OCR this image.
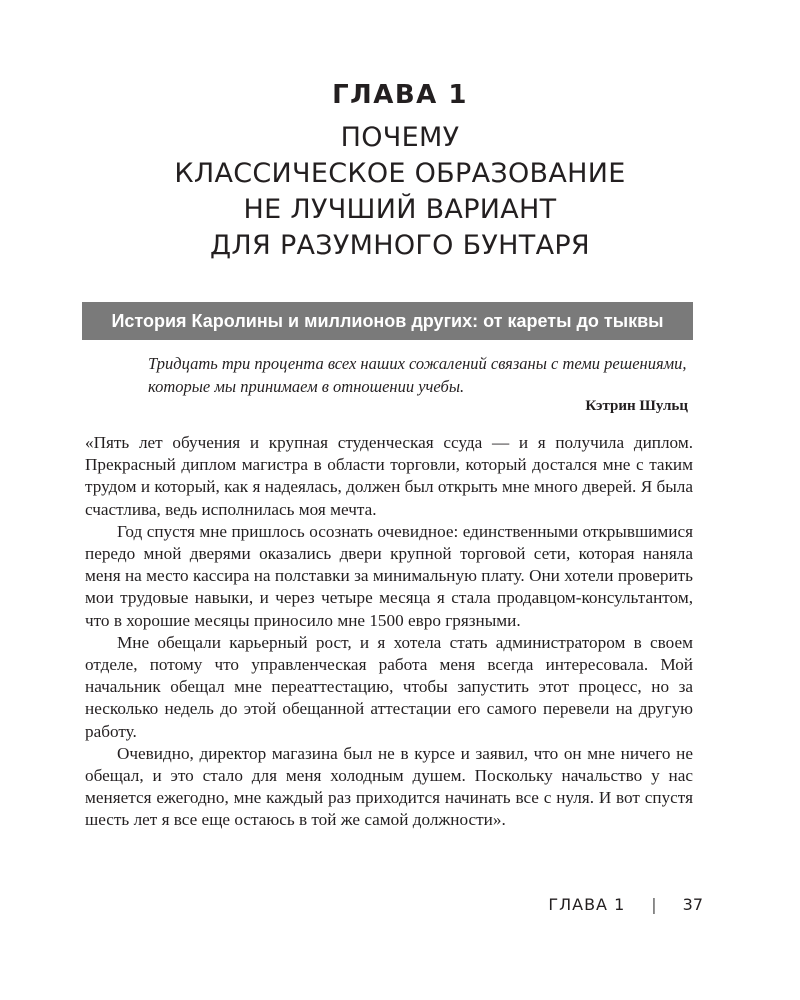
ГЛАВА 1
ПОЧЕМУ
КЛАССИЧЕСКОЕ ОБРАЗОВАНИЕ
НЕ ЛУЧШИЙ ВАРИАНТ
ДЛЯ РАЗУМНОГО БУНТАРЯ
История Каролины и миллионов других: от кареты до тыквы
Тридцать три процента всех наших сожалений связаны с теми решениями, которые мы принимаем в отношении учебы.
Кэтрин Шульц

«Пять лет обучения и крупная студенческая ссуда — и я получила диплом. Прекрасный диплом магистра в области торговли, который достался мне с таким трудом и который, как я надеялась, должен был открыть мне много дверей. Я была счастлива, ведь исполнилась моя мечта.

Год спустя мне пришлось осознать очевидное: единственными открывшимися передо мной дверями оказались двери крупной торговой сети, которая наняла меня на место кассира на полставки за минимальную плату. Они хотели проверить мои трудовые навыки, и через четыре месяца я стала продавцом-консультантом, что в хорошие месяцы приносило мне 1500 евро грязными.

Мне обещали карьерный рост, и я хотела стать администратором в своем отделе, потому что управленческая работа меня всегда интересовала. Мой начальник обещал мне переаттестацию, чтобы запустить этот процесс, но за несколько недель до этой обещанной аттестации его самого перевели на другую работу.

Очевидно, директор магазина был не в курсе и заявил, что он мне ничего не обещал, и это стало для меня холодным душем. Поскольку начальство у нас меняется ежегодно, мне каждый раз приходится начинать все с нуля. И вот спустя шесть лет я все еще остаюсь в той же самой должности».

ГЛАВА 1 | 37
